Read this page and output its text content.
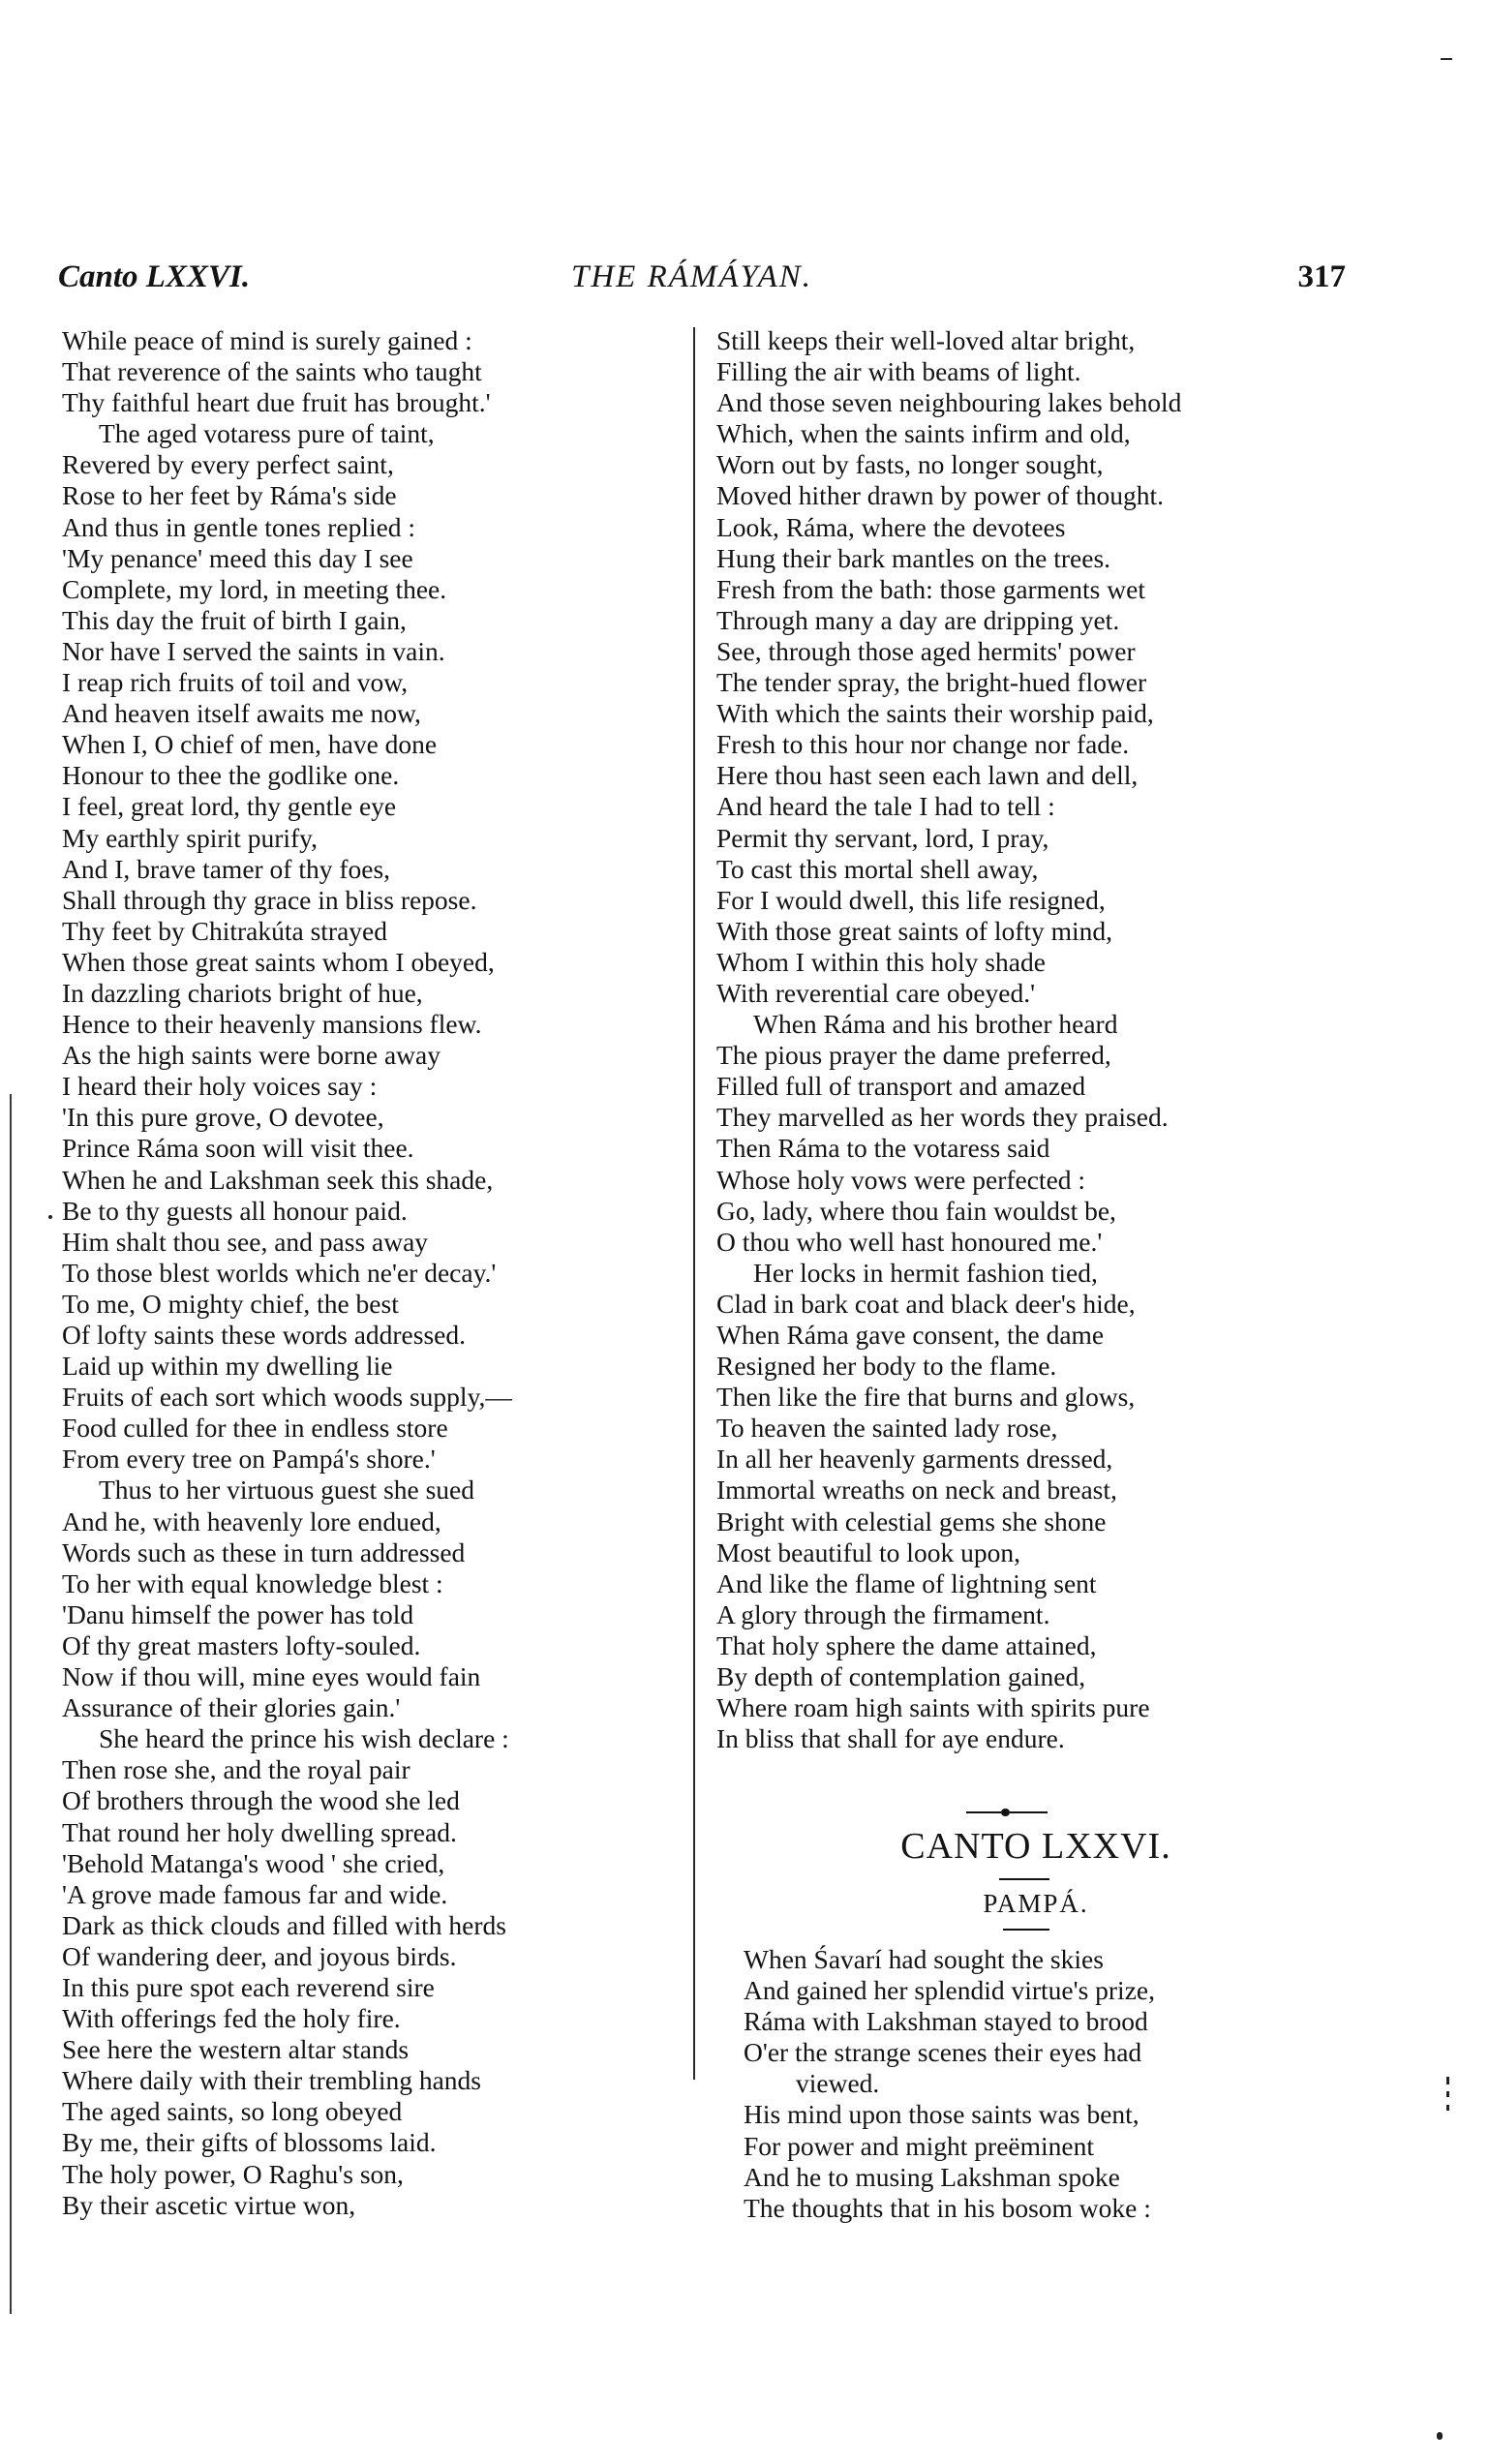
Canto LXXVI.	THE RÁMÁYAN.	317
While peace of mind is surely gained :
That reverence of the saints who taught
Thy faithful heart due fruit has brought.'
The aged votaress pure of taint,
Revered by every perfect saint,
Rose to her feet by Ráma's side
And thus in gentle tones replied :
'My penance' meed this day I see
Complete, my lord, in meeting thee.
This day the fruit of birth I gain,
Nor have I served the saints in vain.
I reap rich fruits of toil and vow,
And heaven itself awaits me now,
When I, O chief of men, have done
Honour to thee the godlike one.
I feel, great lord, thy gentle eye
My earthly spirit purify,
And I, brave tamer of thy foes,
Shall through thy grace in bliss repose.
Thy feet by Chitrakúta strayed
When those great saints whom I obeyed,
In dazzling chariots bright of hue,
Hence to their heavenly mansions flew.
As the high saints were borne away
I heard their holy voices say :
'In this pure grove, O devotee,
Prince Ráma soon will visit thee.
When he and Lakshman seek this shade,
Be to thy guests all honour paid.
Him shalt thou see, and pass away
To those blest worlds which ne'er decay.'
To me, O mighty chief, the best
Of lofty saints these words addressed.
Laid up within my dwelling lie
Fruits of each sort which woods supply,—
Food culled for thee in endless store
From every tree on Pampá's shore.'
Thus to her virtuous guest she sued
And he, with heavenly lore endued,
Words such as these in turn addressed
To her with equal knowledge blest :
'Danu himself the power has told
Of thy great masters lofty-souled.
Now if thou will, mine eyes would fain
Assurance of their glories gain.'
She heard the prince his wish declare :
Then rose she, and the royal pair
Of brothers through the wood she led
That round her holy dwelling spread.
'Behold Matanga's wood ' she cried,
'A grove made famous far and wide.
Dark as thick clouds and filled with herds
Of wandering deer, and joyous birds.
In this pure spot each reverend sire
With offerings fed the holy fire.
See here the western altar stands
Where daily with their trembling hands
The aged saints, so long obeyed
By me, their gifts of blossoms laid.
The holy power, O Raghu's son,
By their ascetic virtue won,
Still keeps their well-loved altar bright,
Filling the air with beams of light.
And those seven neighbouring lakes behold
Which, when the saints infirm and old,
Worn out by fasts, no longer sought,
Moved hither drawn by power of thought.
Look, Ráma, where the devotees
Hung their bark mantles on the trees.
Fresh from the bath: those garments wet
Through many a day are dripping yet.
See, through those aged hermits' power
The tender spray, the bright-hued flower
With which the saints their worship paid,
Fresh to this hour nor change nor fade.
Here thou hast seen each lawn and dell,
And heard the tale I had to tell :
Permit thy servant, lord, I pray,
To cast this mortal shell away,
For I would dwell, this life resigned,
With those great saints of lofty mind,
Whom I within this holy shade
With reverential care obeyed.'
When Ráma and his brother heard
The pious prayer the dame preferred,
Filled full of transport and amazed
They marvelled as her words they praised.
Then Ráma to the votaress said
Whose holy vows were perfected :
Go, lady, where thou fain wouldst be,
O thou who well hast honoured me.'
Her locks in hermit fashion tied,
Clad in bark coat and black deer's hide,
When Ráma gave consent, the dame
Resigned her body to the flame.
Then like the fire that burns and glows,
To heaven the sainted lady rose,
In all her heavenly garments dressed,
Immortal wreaths on neck and breast,
Bright with celestial gems she shone
Most beautiful to look upon,
And like the flame of lightning sent
A glory through the firmament.
That holy sphere the dame attained,
By depth of contemplation gained,
Where roam high saints with spirits pure
In bliss that shall for aye endure.
CANTO LXXVI.
PAMPÁ.
When Śavarí had sought the skies
And gained her splendid virtue's prize,
Ráma with Lakshman stayed to brood
O'er the strange scenes their eyes had
viewed.
His mind upon those saints was bent,
For power and might preëminent
And he to musing Lakshman spoke
The thoughts that in his bosom woke :
